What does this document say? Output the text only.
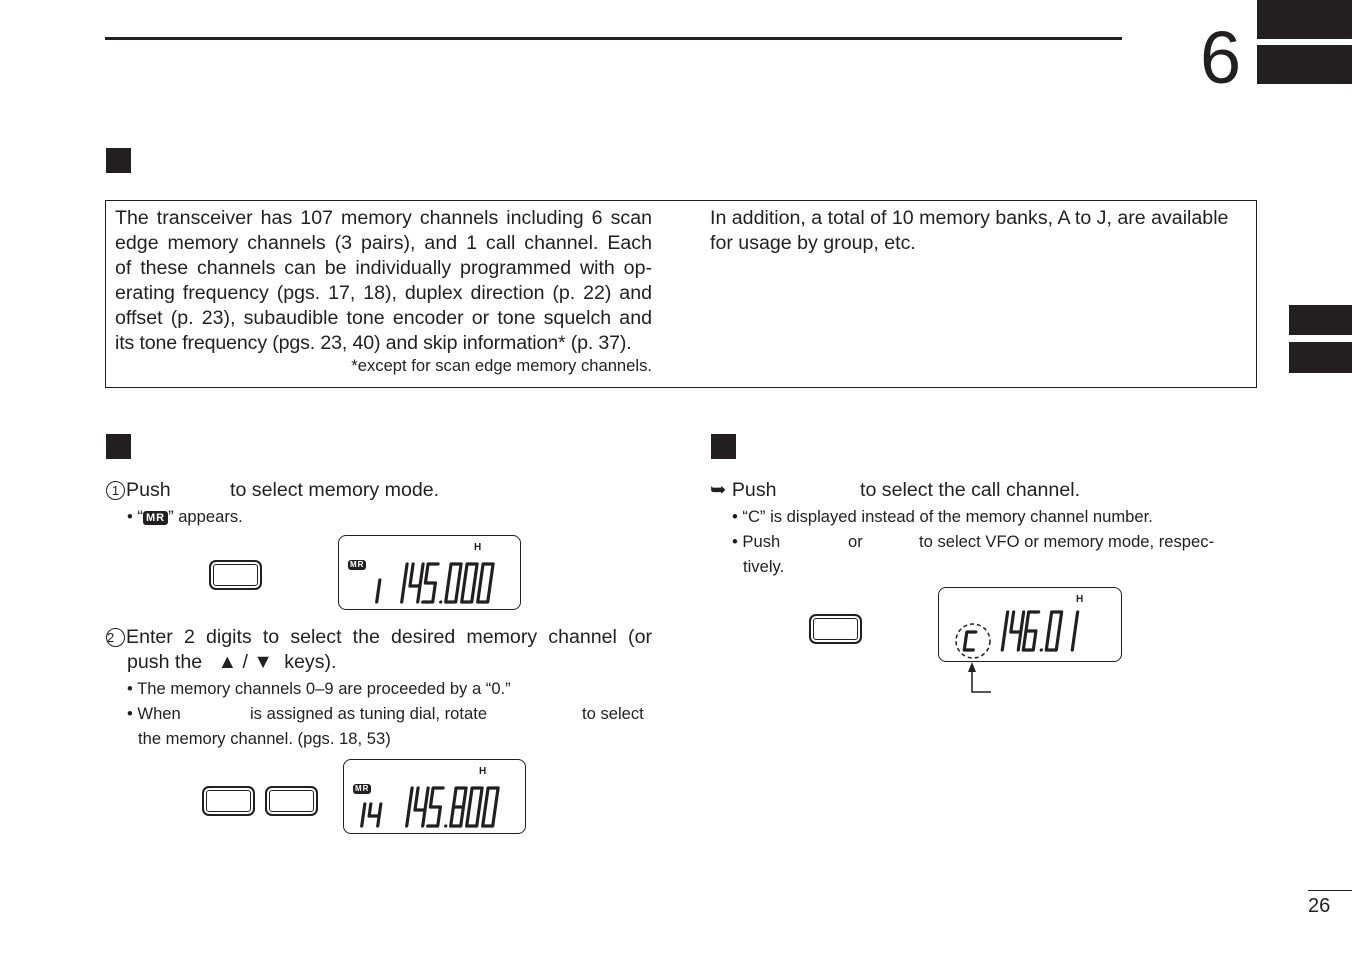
6
The transceiver has 107 memory channels including 6 scan
edge memory channels (3 pairs), and 1 call channel. Each
of these channels can be individually programmed with op-
erating frequency (pgs. 17, 18), duplex direction (p. 22) and
offset (p. 23), subaudible tone encoder or tone squelch and
its tone frequency (pgs. 23, 40) and skip information* (p. 37).
*except for scan edge memory channels.
In addition, a total of 10 memory banks, A to J, are available
for usage by group, etc.
1 Push	to select memory mode.
• “ MR ” appears.
MR
H
2 Enter 2 digits to select the desired memory channel (or
push the ▲ / ▼ keys).
• The memory channels 0–9 are proceeded by a “0.”
• When	is assigned as tuning dial, rotate	to select
the memory channel. (pgs. 18, 53)
MR
H
➥ Push	to select the call channel.
• “C” is displayed instead of the memory channel number.
• Push	or	to select VFO or memory mode, respec-
tively.
H
26
